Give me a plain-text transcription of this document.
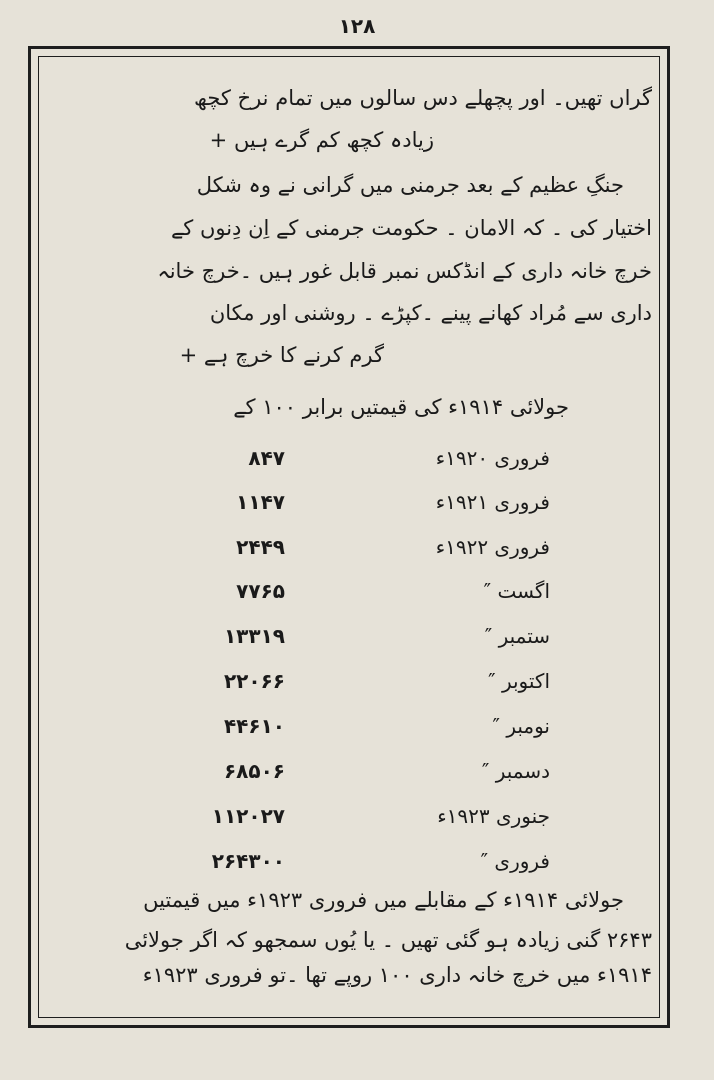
۱۲۸
گراں تھیں۔ اور پچھلے دس سالوں میں تمام نرخ کچھ
زیادہ کچھ کم گرے ہیں +
جنگِ عظیم کے بعد جرمنی میں گرانی نے وہ شکل
اختیار کی ۔ کہ الامان ۔ حکومت جرمنی کے اِن دِنوں کے
خرچ خانہ داری کے انڈکس نمبر قابل غور ہیں ۔خرچ خانہ
داری سے مُراد کھانے پینے ۔کپڑے ۔ روشنی اور مکان
گرم کرنے کا خرچ ہے +
جولائی ۱۹۱۴ء کی قیمتیں برابر ۱۰۰ کے
فروری ۱۹۲۰ء
۸۴۷
فروری ۱۹۲۱ء
۱۱۴۷
فروری ۱۹۲۲ء
۲۴۴۹
اگست ″
۷۷۶۵
ستمبر ″
۱۳۳۱۹
اکتوبر ″
۲۲۰۶۶
نومبر ″
۴۴۶۱۰
دسمبر ″
۶۸۵۰۶
جنوری ۱۹۲۳ء
۱۱۲۰۲۷
فروری ″
۲۶۴۳۰۰
جولائی ۱۹۱۴ء کے مقابلے میں فروری ۱۹۲۳ء میں قیمتیں
۲۶۴۳ گنی زیادہ ہو گئی تھیں ۔ یا یُوں سمجھو کہ اگر جولائی
۱۹۱۴ء میں خرچ خانہ داری ۱۰۰ روپے تھا ۔تو فروری ۱۹۲۳ء
